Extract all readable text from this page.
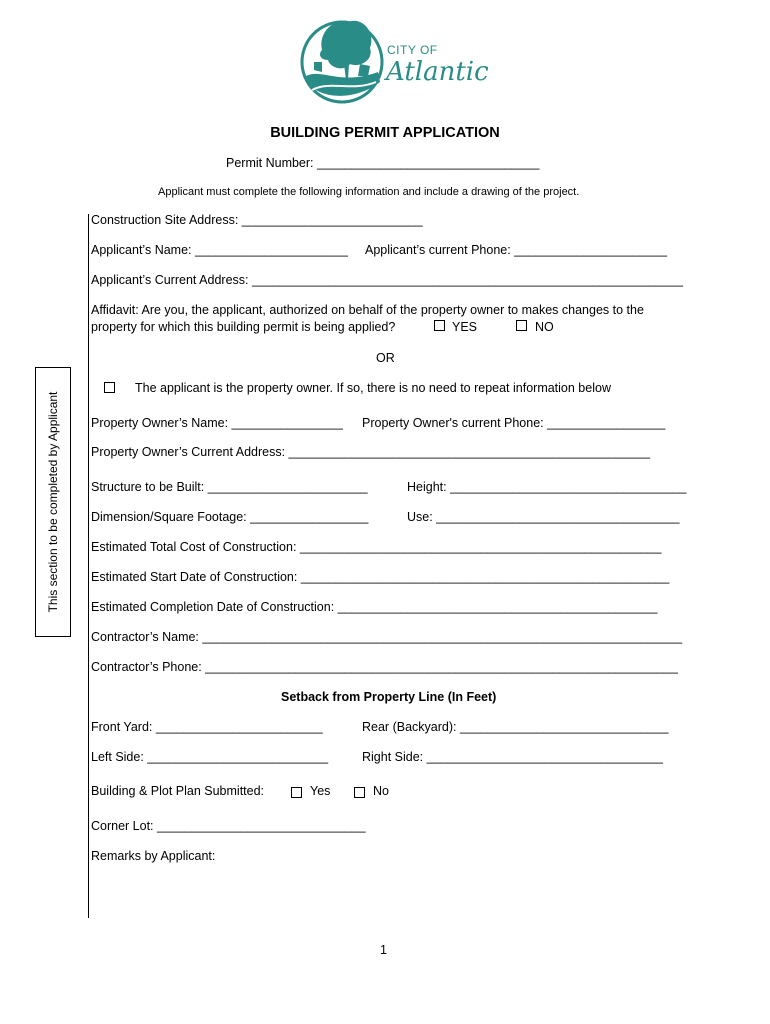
CITY OF
Atlantic
BUILDING PERMIT APPLICATION
Permit Number: ________________________________
Applicant must complete the following information and include a drawing of the project.
This section to be completed by Applicant
Construction Site Address: __________________________
Applicant’s Name: ______________________ Applicant’s current Phone: ______________________
Applicant’s Current Address: ______________________________________________________________
Affidavit: Are you, the applicant, authorized on behalf of the property owner to makes changes to the
property for which this building permit is being applied?	YES	NO
OR
The applicant is the property owner. If so, there is no need to repeat information below
Property Owner’s Name: ________________ Property Owner's current Phone: _________________
Property Owner’s Current Address: ____________________________________________________
Structure to be Built: _______________________	Height: __________________________________
Dimension/Square Footage: _________________	Use: ___________________________________
Estimated Total Cost of Construction: ____________________________________________________
Estimated Start Date of Construction: _____________________________________________________
Estimated Completion Date of Construction: ______________________________________________
Contractor’s Name: _____________________________________________________________________
Contractor’s Phone: ____________________________________________________________________
Setback from Property Line (In Feet)
Front Yard: ________________________	Rear (Backyard): ______________________________
Left Side: __________________________	Right Side: __________________________________
Building & Plot Plan Submitted:	Yes	No
Corner Lot: ______________________________
Remarks by Applicant:
1
